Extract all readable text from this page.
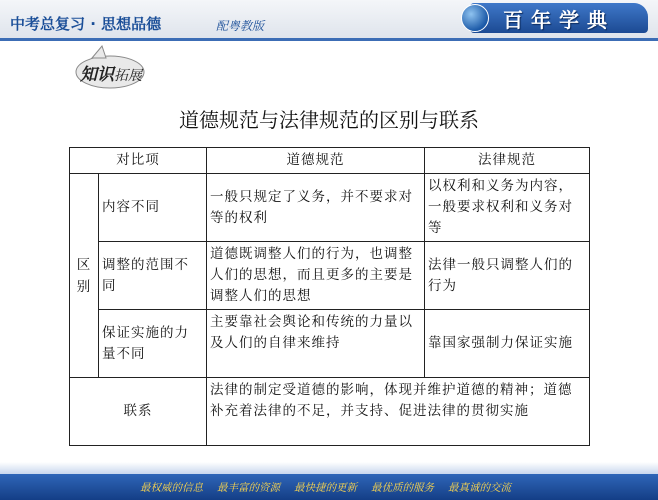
中考总复习 · 思想品德	配粤教版	百年学典
知识拓展
道德规范与法律规范的区别与联系
对比项		道德规范	法律规范
区别	内容不同	一般只规定了义务，并不要求对等的权利	以权利和义务为内容，一般要求权利和义务对等
	调整的范围不同	道德既调整人们的行为，也调整人们的思想，而且更多的主要是调整人们的思想	法律一般只调整人们的行为
	保证实施的力量不同	主要靠社会舆论和传统的力量以及人们的自律来维持	靠国家强制力保证实施
联系		法律的制定受道德的影响，体现并维护道德的精神；道德补充着法律的不足，并支持、促进法律的贯彻实施	
最权威的信息 最丰富的资源 最快捷的更新 最优质的服务 最真诚的交流
